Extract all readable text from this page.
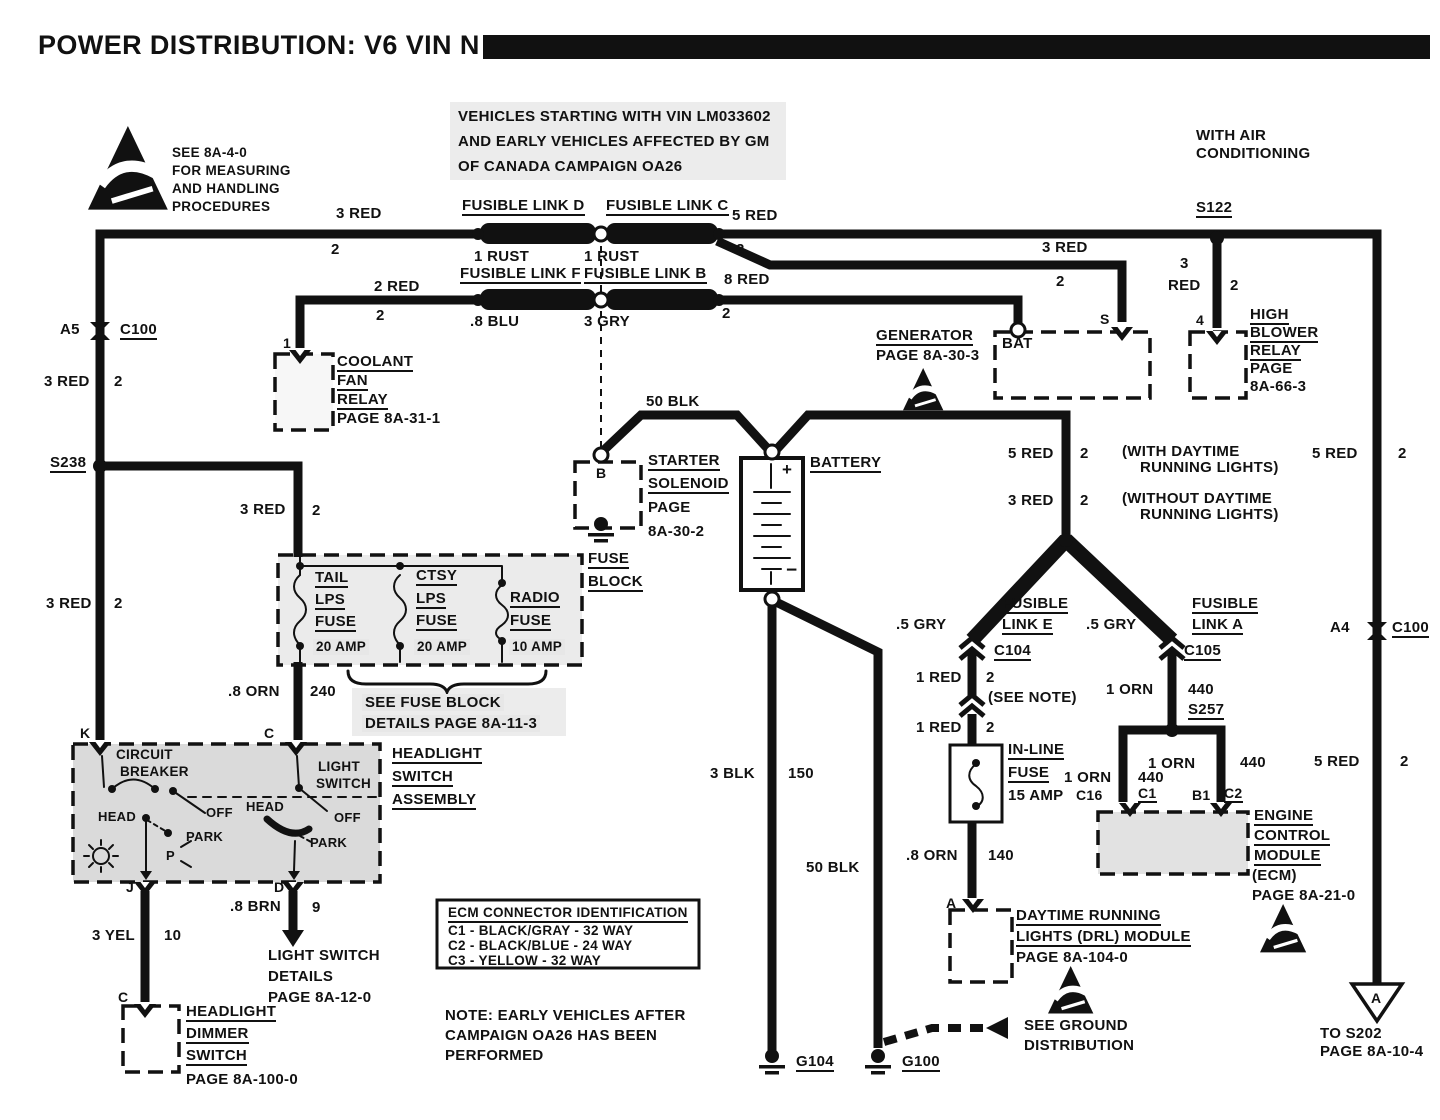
POWER DISTRIBUTION: V6 VIN N
SEE 8A-4-0
FOR MEASURING
AND HANDLING
PROCEDURES
VEHICLES STARTING WITH VIN LM033602
AND EARLY VEHICLES AFFECTED BY GM
OF CANADA CAMPAIGN OA26
WITH AIR
CONDITIONING
3 RED
2
FUSIBLE LINK D FUSIBLE LINK C
1 RUST	1 RUST
FUSIBLE LINK F FUSIBLE LINK B
.8 BLU	3 GRY
5 RED
2
8 RED
2
2 RED
2
A5	C100
3 RED 2
1
COOLANT
FAN
RELAY
PAGE 8A-31-1
S238
GENERATOR
PAGE 8A-30-3
BAT
S
3 RED
2
S122
3
RED 2
4	HIGH
BLOWER
RELAY
PAGE
8A-66-3
5 RED	2
50 BLK
STARTER
SOLENOID
PAGE
8A-30-2
B
BATTERY
+
−
FUSE
BLOCK
3 RED 2
TAIL
LPS
FUSE
20 AMP
CTSY
LPS
FUSE
20 AMP
RADIO
FUSE
10 AMP
3 RED 2
.8 ORN 240
SEE FUSE BLOCK
DETAILS PAGE 8A-11-3
K	C
CIRCUIT
BREAKER	LIGHT
SWITCH
HEADLIGHT
SWITCH
ASSEMBLY
HEAD	OFF
PARK
P
HEAD
OFF
PARK
J	D
.8 BRN 9
3 YEL 10
LIGHT SWITCH
DETAILS
PAGE 8A-12-0
C
HEADLIGHT
DIMMER
SWITCH
PAGE 8A-100-0
ECM CONNECTOR IDENTIFICATION
C1 - BLACK/GRAY - 32 WAY
C2 - BLACK/BLUE - 24 WAY
C3 - YELLOW - 32 WAY
NOTE: EARLY VEHICLES AFTER
CAMPAIGN OA26 HAS BEEN
PERFORMED
5 RED 2 (WITH DAYTIME
RUNNING LIGHTS)
3 RED 2 (WITHOUT DAYTIME
RUNNING LIGHTS)
.5 GRY
FUSIBLE
LINK E
C104
.5 GRY
FUSIBLE
LINK A
C105
A4	C100
1 RED 2
(SEE NOTE)
1 RED 2
IN-LINE
FUSE
15 AMP
.8 ORN 140
1 ORN 440
S257
1 ORN	440
1 ORN 440
C16	C1	B1 C2
ENGINE
CONTROL
MODULE
(ECM)
PAGE 8A-21-0
A
DAYTIME RUNNING
LIGHTS (DRL) MODULE
PAGE 8A-104-0
3 BLK 150
50 BLK
G104	G100
SEE GROUND
DISTRIBUTION
TO S202
PAGE 8A-10-4
5 RED	2
A
